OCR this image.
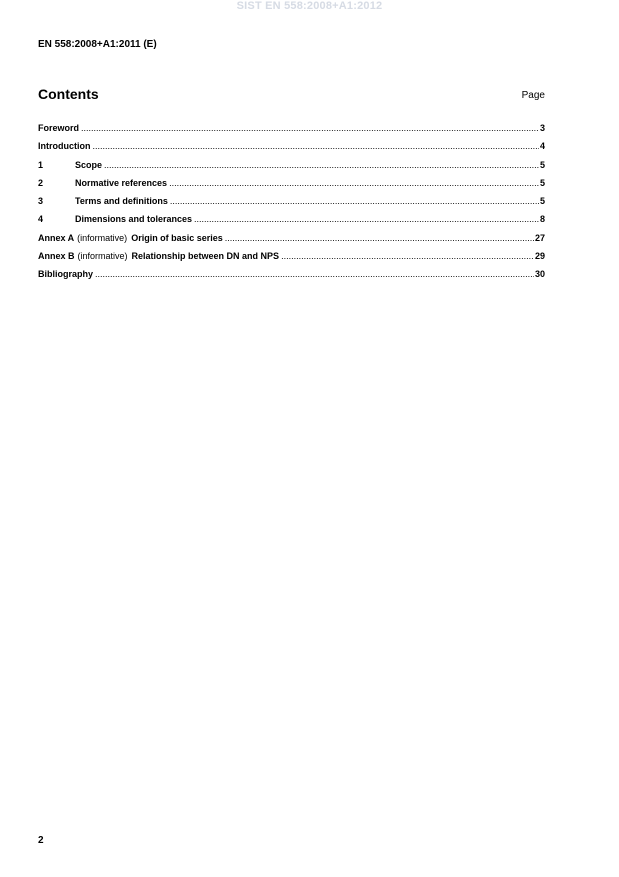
SIST EN 558:2008+A1:2012
EN 558:2008+A1:2011 (E)
Contents	Page
Foreword .....	3
Introduction .....	4
1	Scope .....	5
2	Normative references .....	5
3	Terms and definitions .....	5
4	Dimensions and tolerances .....	8
Annex A (informative) Origin of basic series .....	27
Annex B (informative) Relationship between DN and NPS .....	29
Bibliography .....	30
2
